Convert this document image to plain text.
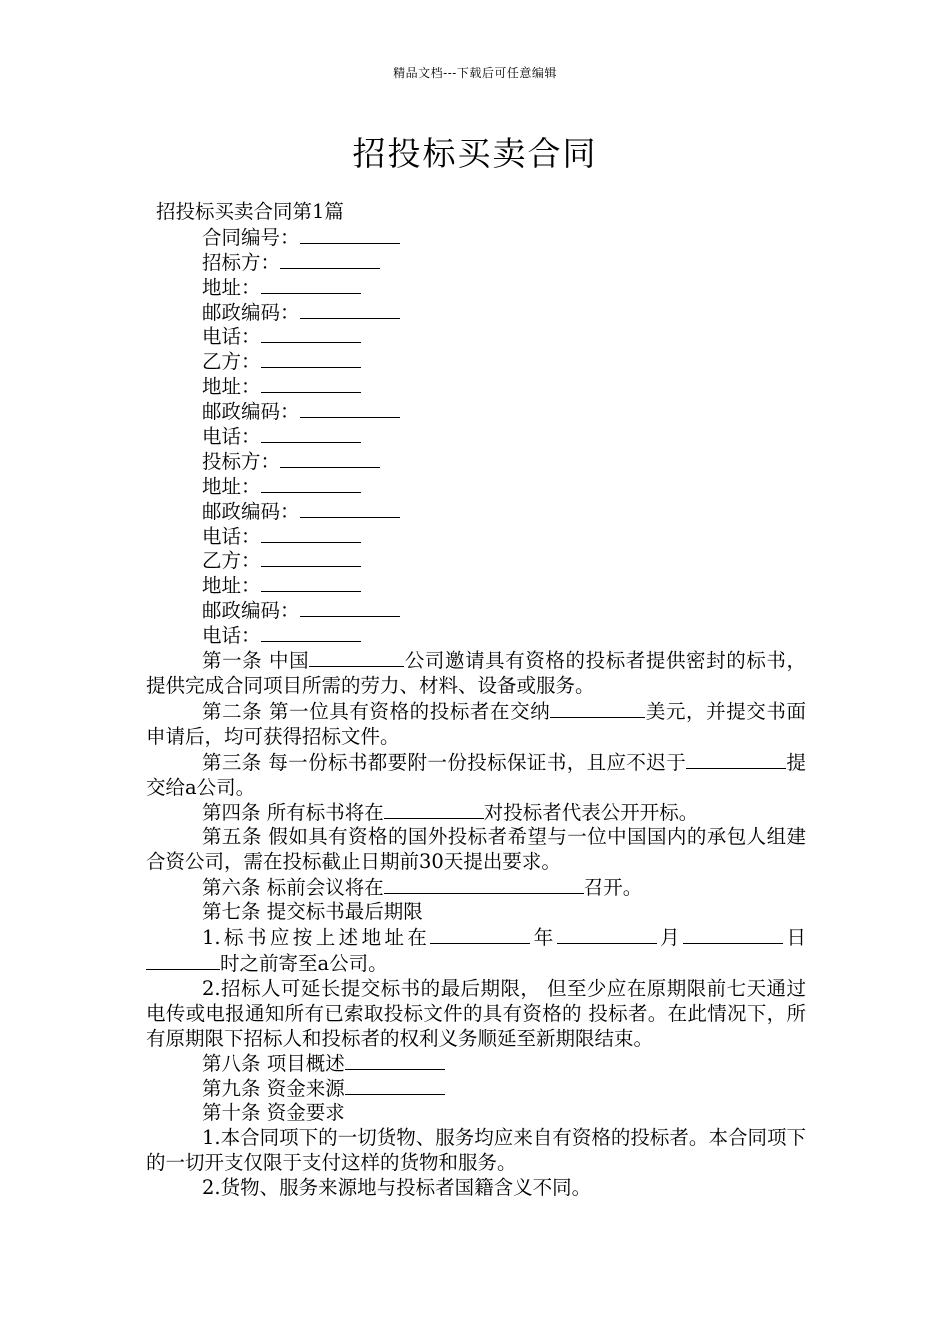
精品文档---下载后可任意编辑
招投标买卖合同
招投标买卖合同第1篇
合同编号：
招标方：
地址：
邮政编码：
电话：
乙方：
地址：
邮政编码：
电话：
投标方：
地址：
邮政编码：
电话：
乙方：
地址：
邮政编码：
电话：
第一条 中国	公司邀请具有资格的投标者提供密封的标书，提供完成合同项目所需的劳力、材料、设备或服务。
第二条 第一位具有资格的投标者在交纳	美元，并提交书面申请后，均可获得招标文件。
第三条 每一份标书都要附一份投标保证书，且应不迟于	提交给a公司。
第四条 所有标书将在	对投标者代表公开开标。
第五条 假如具有资格的国外投标者希望与一位中国国内的承包人组建合资公司，需在投标截止日期前30天提出要求。
第六条 标前会议将在	召开。
第七条 提交标书最后期限
1.标书应按上述地址在	年	月	日时之前寄至a公司。
2.招标人可延长提交标书的最后期限， 但至少应在原期限前七天通过电传或电报通知所有已索取投标文件的具有资格的 投标者。在此情况下，所有原期限下招标人和投标者的权利义务顺延至新期限结束。
第八条 项目概述
第九条 资金来源
第十条 资金要求
1.本合同项下的一切货物、服务均应来自有资格的投标者。本合同项下的一切开支仅限于支付这样的货物和服务。
2.货物、服务来源地与投标者国籍含义不同。
